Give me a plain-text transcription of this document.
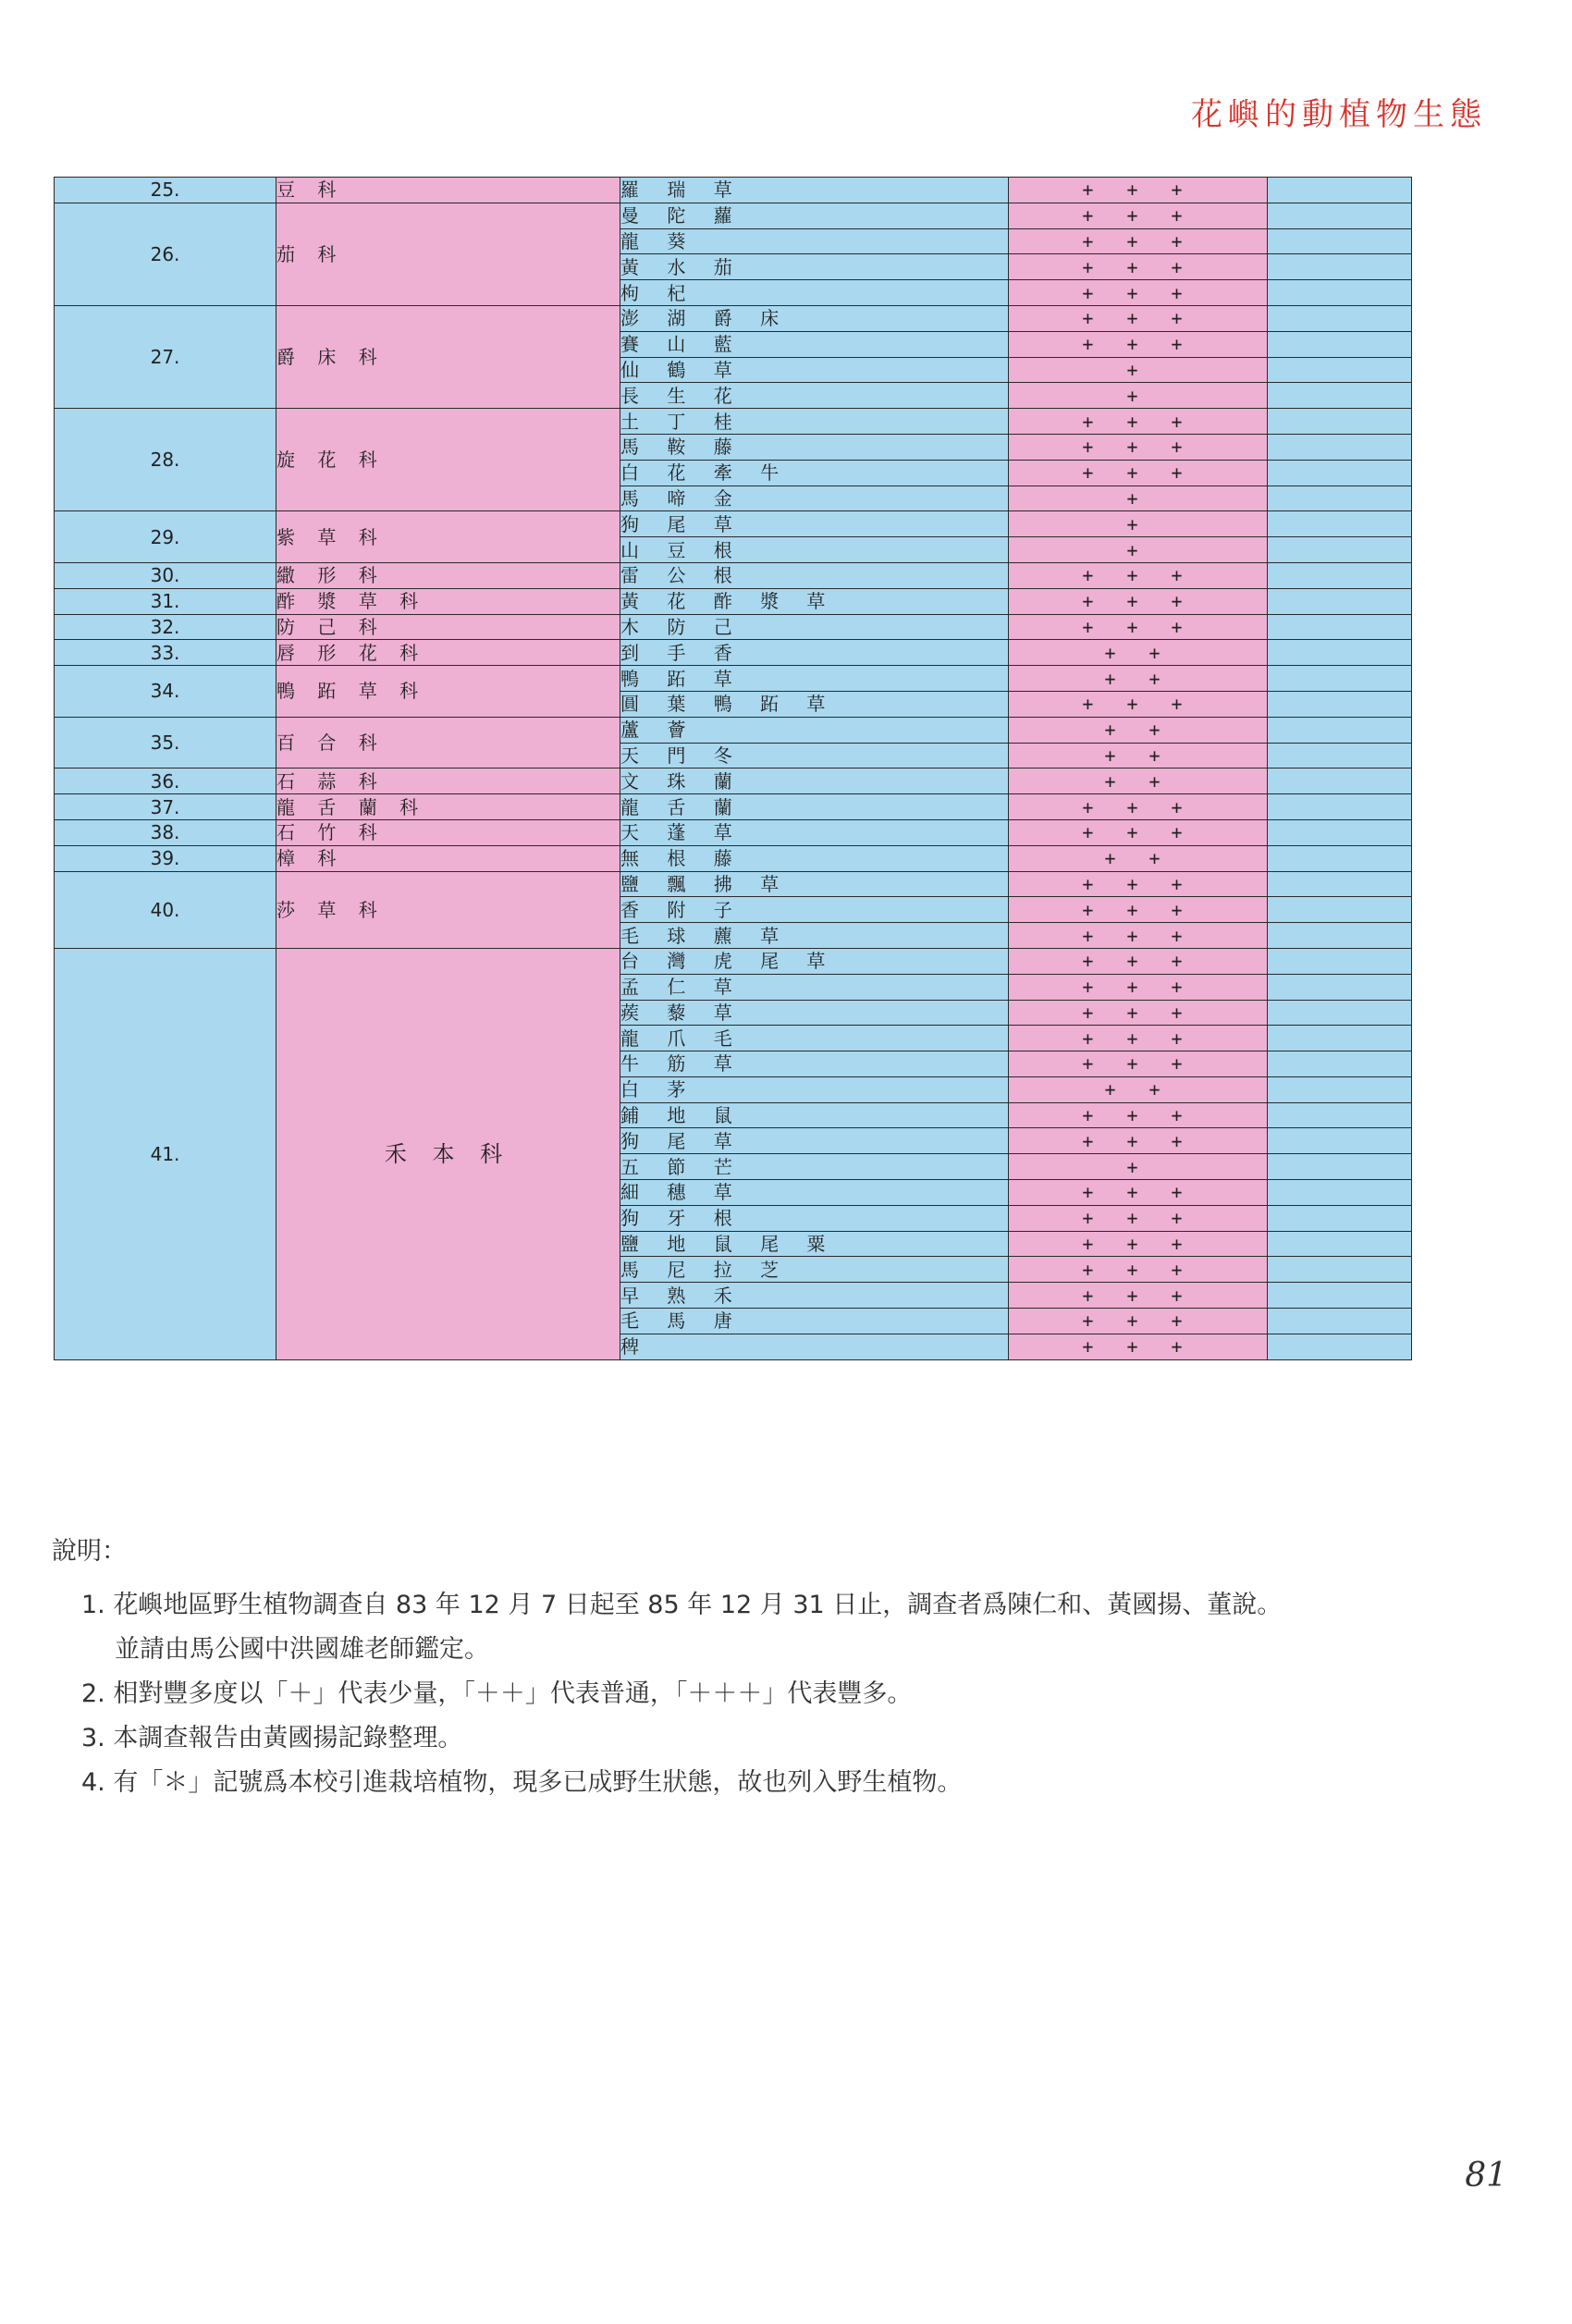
花嶼的動植物生態
25.	豆 科	羅 瑞 草	+ + +	
26.	茄 科	曼 陀 蘿	+ + +	
		龍 葵	+ + +	
		黃 水 茄	+ + +	
		枸 杞	+ + +	
27.	爵 床 科	澎 湖 爵 床	+ + +	
		賽 山 藍	+ + +	
		仙 鶴 草	+	
		長 生 花	+	
28.	旋 花 科	土 丁 桂	+ + +	
		馬 鞍 藤	+ + +	
		白 花 牽 牛	+ + +	
		馬 啼 金	+	
29.	紫 草 科	狗 尾 草	+	
		山 豆 根	+	
30.	繖 形 科	雷 公 根	+ + +	
31.	酢 漿 草 科	黃 花 酢 漿 草	+ + +	
32.	防 己 科	木 防 己	+ + +	
33.	唇 形 花 科	到 手 香	+ +	
34.	鴨 跖 草 科	鴨 跖 草	+ +	
		圓 葉 鴨 跖 草	+ + +	
35.	百 合 科	蘆 薈	+ +	
		天 門 冬	+ +	
36.	石 蒜 科	文 珠 蘭	+ +	
37.	龍 舌 蘭 科	龍 舌 蘭	+ + +	
38.	石 竹 科	天 蓬 草	+ + +	
39.	樟 科	無 根 藤	+ +	
40.	莎 草 科	鹽 飄 拂 草	+ + +	
		香 附 子	+ + +	
		毛 球 藨 草	+ + +	
41.	禾 本 科	台 灣 虎 尾 草	+ + +	
		孟 仁 草	+ + +	
		蒺 藜 草	+ + +	
		龍 爪 毛	+ + +	
		牛 筋 草	+ + +	
		白 茅	+ +	
		鋪 地 鼠	+ + +	
		狗 尾 草	+ + +	
		五 節 芒	+	
		細 穗 草	+ + +	
		狗 牙 根	+ + +	
		鹽 地 鼠 尾 粟	+ + +	
		馬 尼 拉 芝	+ + +	
		早 熟 禾	+ + +	
		毛 馬 唐	+ + +	
		稗	+ + +	
說明：
1. 花嶼地區野生植物調查自 83 年 12 月 7 日起至 85 年 12 月 31 日止，調查者爲陳仁和、黃國揚、董說。
並請由馬公國中洪國雄老師鑑定。
2. 相對豐多度以「＋」代表少量，「＋＋」代表普通，「＋＋＋」代表豐多。
3. 本調查報告由黃國揚記錄整理。
4. 有「＊」記號爲本校引進栽培植物，現多已成野生狀態，故也列入野生植物。
81
